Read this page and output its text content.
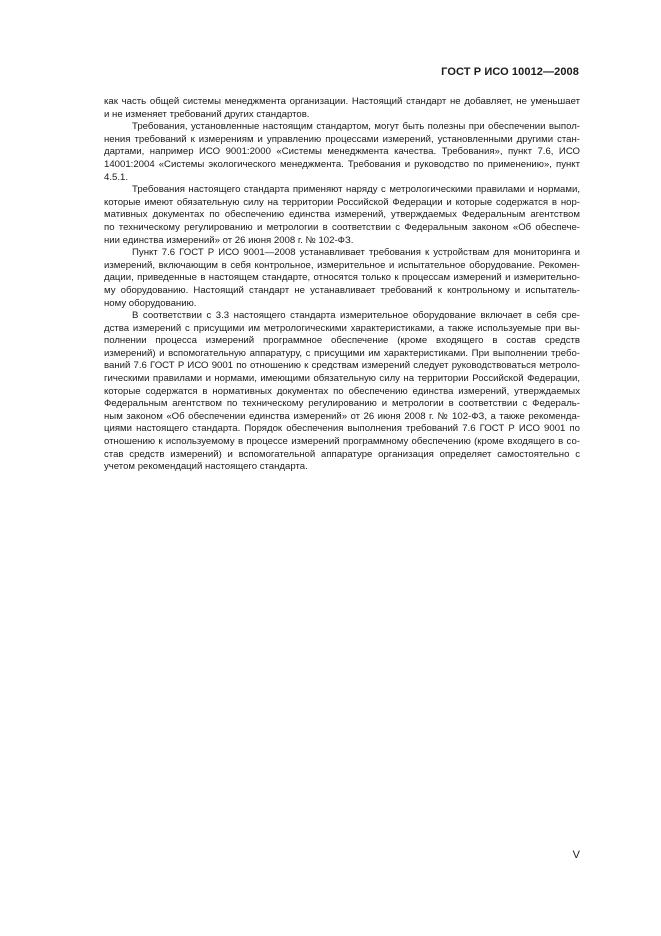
ГОСТ Р ИСО 10012—2008
как часть общей системы менеджмента организации. Настоящий стандарт не добавляет, не уменьшает
и не изменяет требований других стандартов.
Требования, установленные настоящим стандартом, могут быть полезны при обеспечении выпол-
нения требований к измерениям и управлению процессами измерений, установленными другими стан-
дартами, например ИСО 9001:2000 «Системы менеджмента качества. Требования», пункт 7.6, ИСО
14001:2004 «Системы экологического менеджмента. Требования и руководство по применению», пункт
4.5.1.
Требования настоящего стандарта применяют наряду с метрологическими правилами и нормами,
которые имеют обязательную силу на территории Российской Федерации и которые содержатся в нор-
мативных документах по обеспечению единства измерений, утверждаемых Федеральным агентством
по техническому регулированию и метрологии в соответствии с Федеральным законом «Об обеспече-
нии единства измерений» от 26 июня 2008 г. № 102-ФЗ.
Пункт 7.6 ГОСТ Р ИСО 9001—2008 устанавливает требования к устройствам для мониторинга и
измерений, включающим в себя контрольное, измерительное и испытательное оборудование. Рекомен-
дации, приведенные в настоящем стандарте, относятся только к процессам измерений и измерительно-
му оборудованию. Настоящий стандарт не устанавливает требований к контрольному и испытатель-
ному оборудованию.
В соответствии с 3.3 настоящего стандарта измерительное оборудование включает в себя сре-
дства измерений с присущими им метрологическими характеристиками, а также используемые при вы-
полнении процесса измерений программное обеспечение (кроме входящего в состав средств
измерений) и вспомогательную аппаратуру, с присущими им характеристиками. При выполнении требо-
ваний 7.6 ГОСТ Р ИСО 9001 по отношению к средствам измерений следует руководствоваться метроло-
гическими правилами и нормами, имеющими обязательную силу на территории Российской Федерации,
которые содержатся в нормативных документах по обеспечению единства измерений, утверждаемых
Федеральным агентством по техническому регулированию и метрологии в соответствии с Федераль-
ным законом «Об обеспечении единства измерений» от 26 июня 2008 г. № 102-ФЗ, а также рекоменда-
циями настоящего стандарта. Порядок обеспечения выполнения требований 7.6 ГОСТ Р ИСО 9001 по
отношению к используемому в процессе измерений программному обеспечению (кроме входящего в со-
став средств измерений) и вспомогательной аппаратуре организация определяет самостоятельно с
учетом рекомендаций настоящего стандарта.
V
